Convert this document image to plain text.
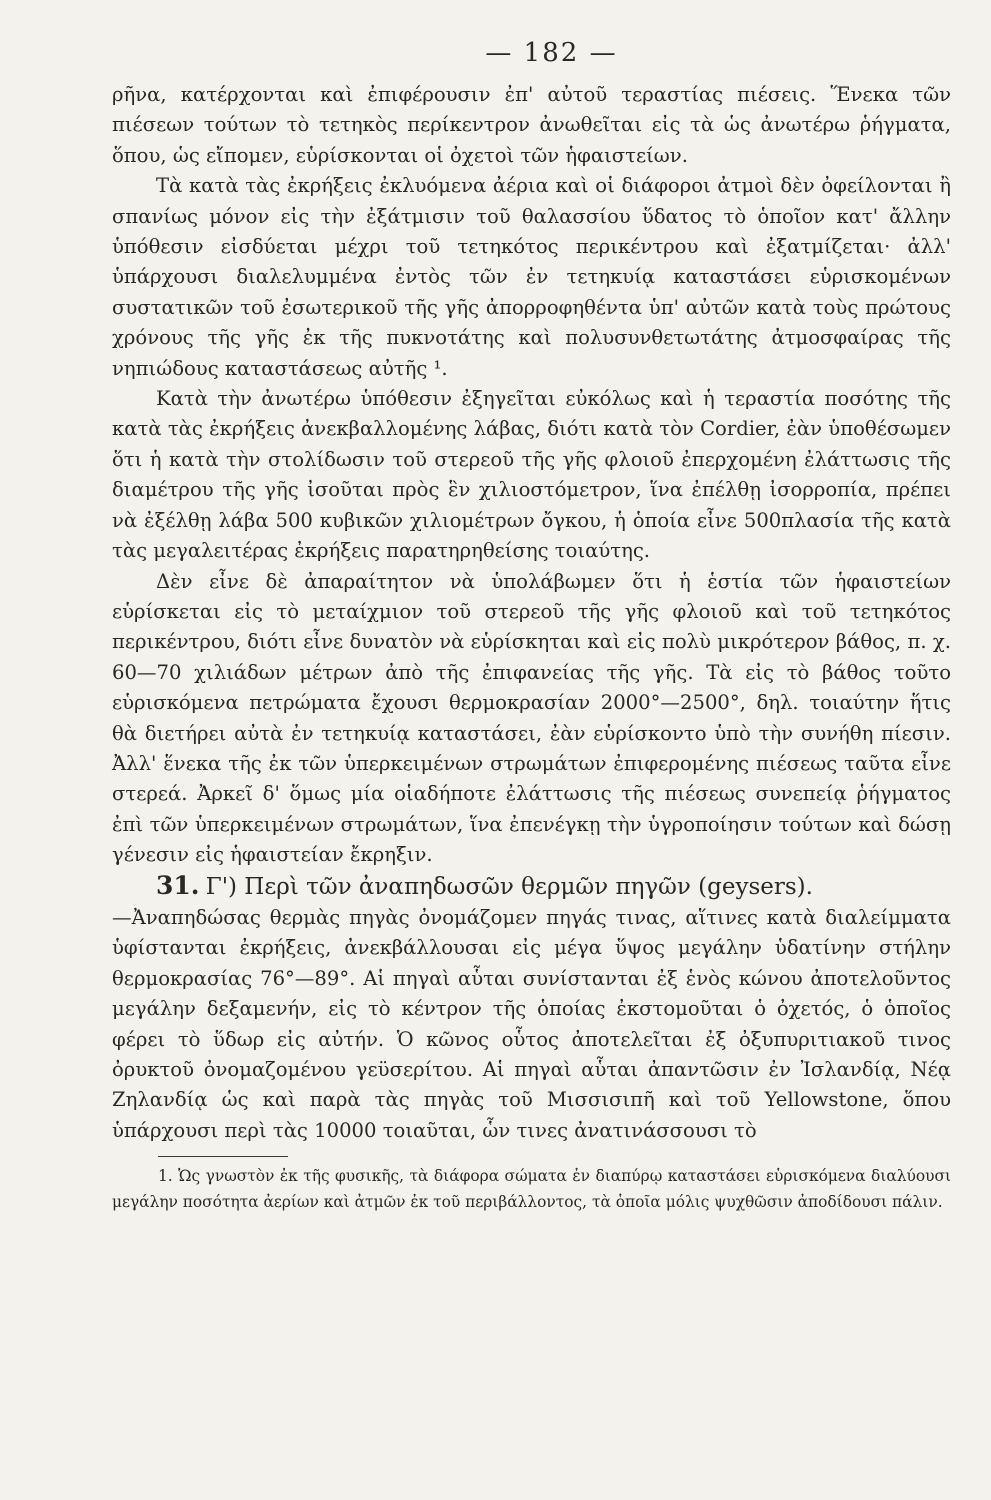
— 182 —

ρῆνα, κατέρχονται καὶ ἐπιφέρουσιν ἐπ' αὐτοῦ τεραστίας πιέσεις. Ἕνεκα τῶν πιέσεων τούτων τὸ τετηκὸς περίκεντρον ἀνωθεῖται εἰς τὰ ὡς ἀνωτέρω ῥήγματα, ὅπου, ὡς εἴπομεν, εὑρίσκονται οἱ ὀχετοὶ τῶν ἡφαιστείων.

Τὰ κατὰ τὰς ἐκρήξεις ἐκλυόμενα ἀέρια καὶ οἱ διάφοροι ἀτμοὶ δὲν ὀφείλονται ἢ σπανίως μόνον εἰς τὴν ἐξάτμισιν τοῦ θαλασσίου ὕδατος τὸ ὁποῖον κατ' ἄλλην ὑπόθεσιν εἰσδύεται μέχρι τοῦ τετηκότος περικέντρου καὶ ἐξατμίζεται· ἀλλ' ὑπάρχουσι διαλελυμμένα ἐντὸς τῶν ἐν τετηκυίᾳ καταστάσει εὑρισκομένων συστατικῶν τοῦ ἐσωτερικοῦ τῆς γῆς ἀπορροφηθέντα ὑπ' αὐτῶν κατὰ τοὺς πρώτους χρόνους τῆς γῆς ἐκ τῆς πυκνοτάτης καὶ πολυσυνθετωτάτης ἀτμοσφαίρας τῆς νηπιώδους καταστάσεως αὐτῆς ¹.

Κατὰ τὴν ἀνωτέρω ὑπόθεσιν ἐξηγεῖται εὐκόλως καὶ ἡ τεραστία ποσότης τῆς κατὰ τὰς ἐκρήξεις ἀνεκβαλλομένης λάβας, διότι κατὰ τὸν Cordier, ἐὰν ὑποθέσωμεν ὅτι ἡ κατὰ τὴν στολίδωσιν τοῦ στερεοῦ τῆς γῆς φλοιοῦ ἐπερχομένη ἐλάττωσις τῆς διαμέτρου τῆς γῆς ἰσοῦται πρὸς ἓν χιλιοστόμετρον, ἵνα ἐπέλθῃ ἰσορροπία, πρέπει νὰ ἐξέλθῃ λάβα 500 κυβικῶν χιλιομέτρων ὄγκου, ἡ ὁποία εἶνε 500πλασία τῆς κατὰ τὰς μεγαλειτέρας ἐκρήξεις παρατηρηθείσης τοιαύτης.

Δὲν εἶνε δὲ ἀπαραίτητον νὰ ὑπολάβωμεν ὅτι ἡ ἑστία τῶν ἡφαιστείων εὑρίσκεται εἰς τὸ μεταίχμιον τοῦ στερεοῦ τῆς γῆς φλοιοῦ καὶ τοῦ τετηκότος περικέντρου, διότι εἶνε δυνατὸν νὰ εὑρίσκηται καὶ εἰς πολὺ μικρότερον βάθος, π. χ. 60—70 χιλιάδων μέτρων ἀπὸ τῆς ἐπιφανείας τῆς γῆς. Τὰ εἰς τὸ βάθος τοῦτο εὑρισκόμενα πετρώματα ἔχουσι θερμοκρασίαν 2000°—2500°, δηλ. τοιαύτην ἥτις θὰ διετήρει αὐτὰ ἐν τετηκυίᾳ καταστάσει, ἐὰν εὑρίσκοντο ὑπὸ τὴν συνήθη πίεσιν. Ἀλλ' ἕνεκα τῆς ἐκ τῶν ὑπερκειμένων στρωμάτων ἐπιφερομένης πιέσεως ταῦτα εἶνε στερεά. Ἀρκεῖ δ' ὅμως μία οἱαδήποτε ἐλάττωσις τῆς πιέσεως συνεπείᾳ ῥήγματος ἐπὶ τῶν ὑπερκειμένων στρωμάτων, ἵνα ἐπενέγκῃ τὴν ὑγροποίησιν τούτων καὶ δώσῃ γένεσιν εἰς ἡφαιστείαν ἔκρηξιν.

31. Γ') Περὶ τῶν ἀναπηδωσῶν θερμῶν πηγῶν (geysers).
—Ἀναπηδώσας θερμὰς πηγὰς ὀνομάζομεν πηγάς τινας, αἵτινες κατὰ διαλείμματα ὑφίστανται ἐκρήξεις, ἀνεκβάλλουσαι εἰς μέγα ὕψος μεγάλην ὑδατίνην στήλην θερμοκρασίας 76°—89°. Αἱ πηγαὶ αὗται συνίστανται ἐξ ἑνὸς κώνου ἀποτελοῦντος μεγάλην δεξαμενήν, εἰς τὸ κέντρον τῆς ὁποίας ἐκστομοῦται ὁ ὀχετός, ὁ ὁποῖος φέρει τὸ ὕδωρ εἰς αὐτήν. Ὁ κῶνος οὗτος ἀποτελεῖται ἐξ ὀξυπυριτιακοῦ τινος ὀρυκτοῦ ὀνομαζομένου γεϋσερίτου. Αἱ πηγαὶ αὗται ἀπαντῶσιν ἐν Ἰσλανδίᾳ, Νέᾳ Ζηλανδίᾳ ὡς καὶ παρὰ τὰς πηγὰς τοῦ Μισσισιπῆ καὶ τοῦ Yellowstone, ὅπου ὑπάρχουσι περὶ τὰς 10000 τοιαῦται, ὧν τινες ἀνατινάσσουσι τὸ

1. Ὡς γνωστὸν ἐκ τῆς φυσικῆς, τὰ διάφορα σώματα ἐν διαπύρῳ καταστάσει εὑρισκόμενα διαλύουσι μεγάλην ποσότητα ἀερίων καὶ ἀτμῶν ἐκ τοῦ περιβάλλοντος, τὰ ὁποῖα μόλις ψυχθῶσιν ἀποδίδουσι πάλιν.
